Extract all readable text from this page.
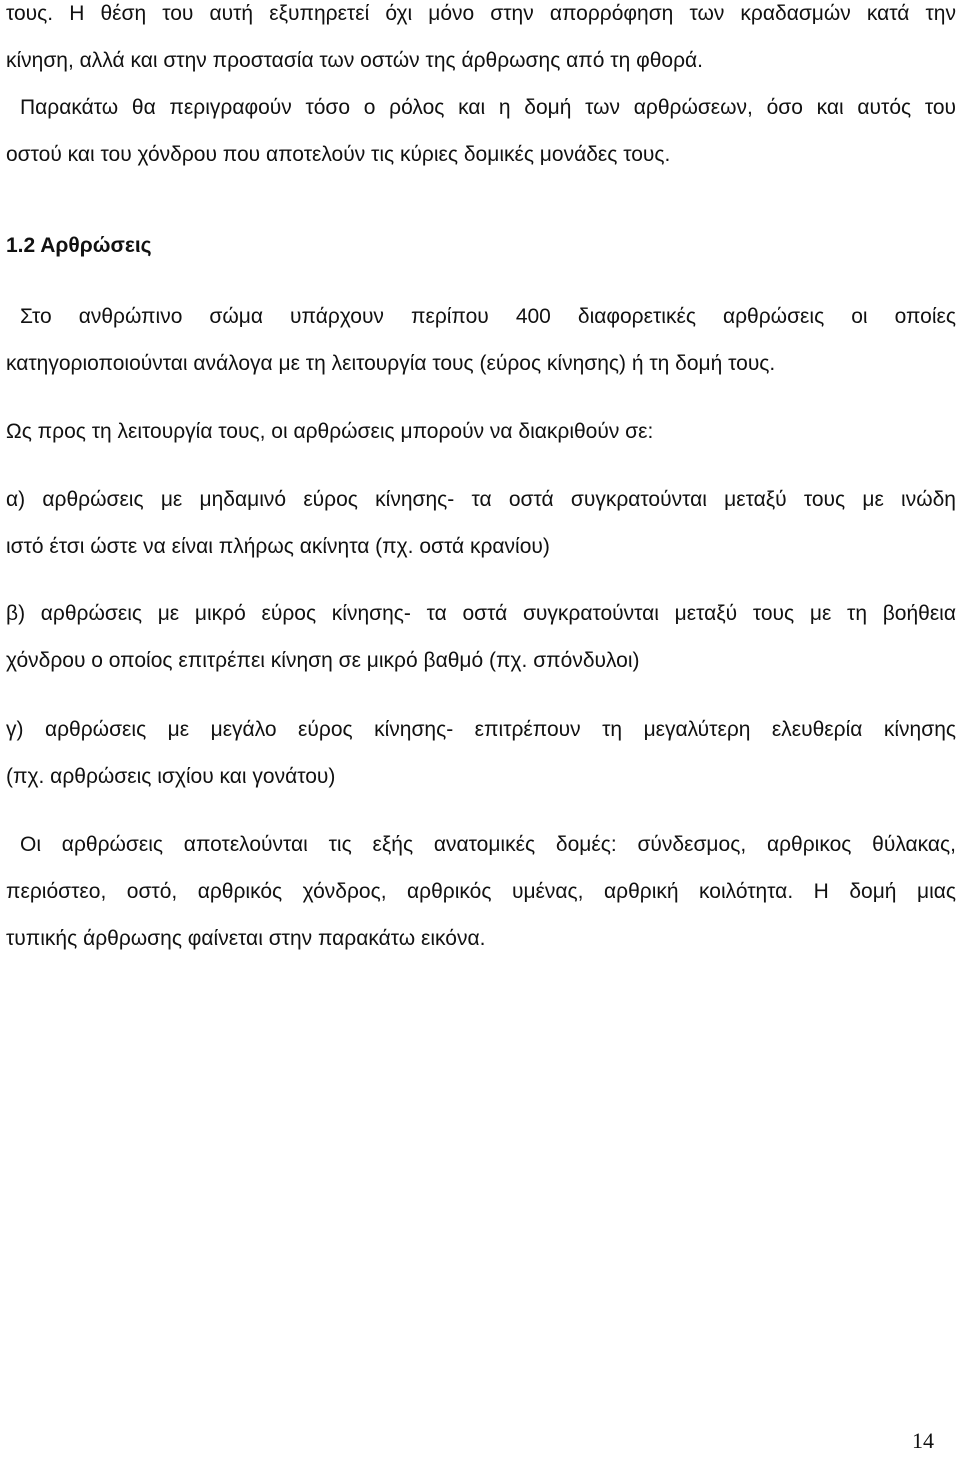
τους. Η θέση του αυτή εξυπηρετεί όχι μόνο στην απορρόφηση των κραδασμών κατά την
κίνηση, αλλά και στην προστασία των οστών της άρθρωσης από τη φθορά.
Παρακάτω θα περιγραφούν τόσο ο ρόλος και η δομή των αρθρώσεων, όσο και αυτός του
οστού και του χόνδρου που αποτελούν τις κύριες δομικές μονάδες τους.

1.2 Αρθρώσεις

Στο ανθρώπινο σώμα υπάρχουν περίπου 400 διαφορετικές αρθρώσεις οι οποίες
κατηγοριοποιούνται ανάλογα με τη λειτουργία τους (εύρος κίνησης) ή τη δομή τους.

Ως προς τη λειτουργία τους, οι αρθρώσεις μπορούν να διακριθούν σε:

α) αρθρώσεις με μηδαμινό εύρος κίνησης- τα οστά συγκρατούνται μεταξύ τους με ινώδη
ιστό έτσι ώστε να είναι πλήρως ακίνητα (πχ. οστά κρανίου)

β) αρθρώσεις με μικρό εύρος κίνησης- τα οστά συγκρατούνται μεταξύ τους με τη βοήθεια
χόνδρου ο οποίος επιτρέπει κίνηση σε μικρό βαθμό (πχ. σπόνδυλοι)

γ) αρθρώσεις με μεγάλο εύρος κίνησης- επιτρέπουν τη μεγαλύτερη ελευθερία κίνησης
(πχ. αρθρώσεις ισχίου και γονάτου)

Οι αρθρώσεις αποτελούνται τις εξής ανατομικές δομές: σύνδεσμος, αρθρικος θύλακας,
περιόστεο, οστό, αρθρικός χόνδρος, αρθρικός υμένας, αρθρική κοιλότητα. Η δομή μιας
τυπικής άρθρωσης φαίνεται στην παρακάτω εικόνα.

14
